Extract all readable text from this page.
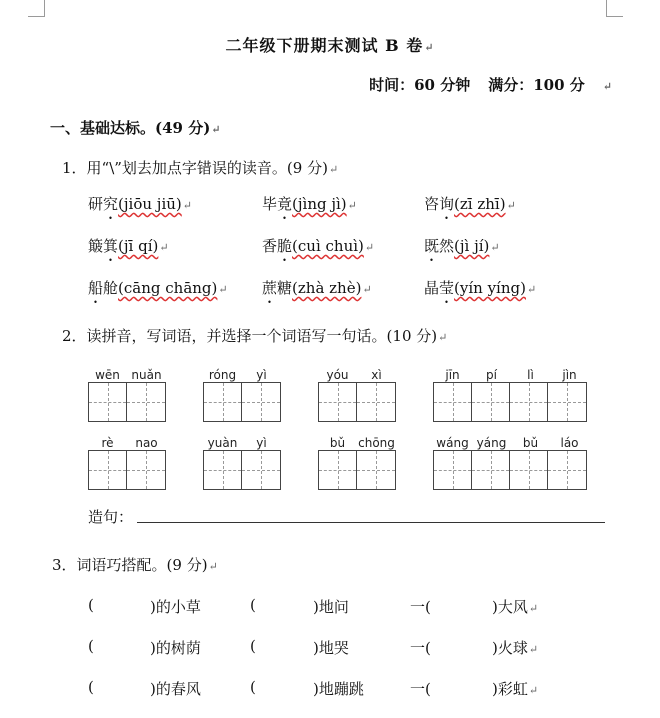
二年级下册期末测试 B 卷↵
时间：60 分钟 满分：100 分 ↵
一、基础达标。(49 分)↵
1．用“\”划去加点字错误的读音。(9 分)↵
研究(jiōu jiū)↵	毕竟(jìng jì)↵	咨询(zī zhī)↵
簸箕(jī qí)↵	香脆(cuì chuì)↵	既然(jì jí)↵
船舱(cāng chāng)↵ 蔗糖(zhà zhè)↵	晶莹(yín yíng)↵
2．读拼音，写词语，并选择一个词语写一句话。(10 分)↵
wēn nuǎn	róng	yì	yóu	xì	jīn	pí	lì	jìn
rè	nao	yuàn	yì	bǔ	chōng	wáng yáng	bǔ	láo
造句：
3．词语巧搭配。(9 分)↵
(	)的小草	(	)地问	一(	)大风↵
(	)的树荫	(	)地哭	一(	)火球↵
(	)的春风	(	)地蹦跳	一(	)彩虹↵
